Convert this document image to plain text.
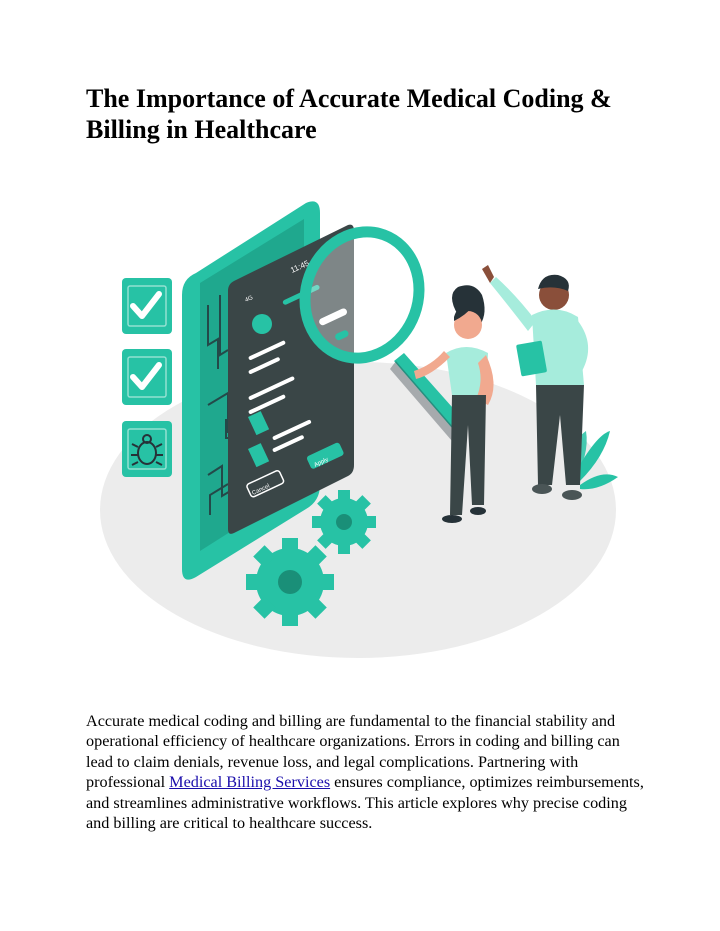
The Importance of Accurate Medical Coding & Billing in Healthcare
11:45
4G
Cancel
Apply

Accurate medical coding and billing are fundamental to the financial stability and operational efficiency of healthcare organizations. Errors in coding and billing can lead to claim denials, revenue loss, and legal complications. Partnering with professional Medical Billing Services ensures compliance, optimizes reimbursements, and streamlines administrative workflows. This article explores why precise coding and billing are critical to healthcare success.
